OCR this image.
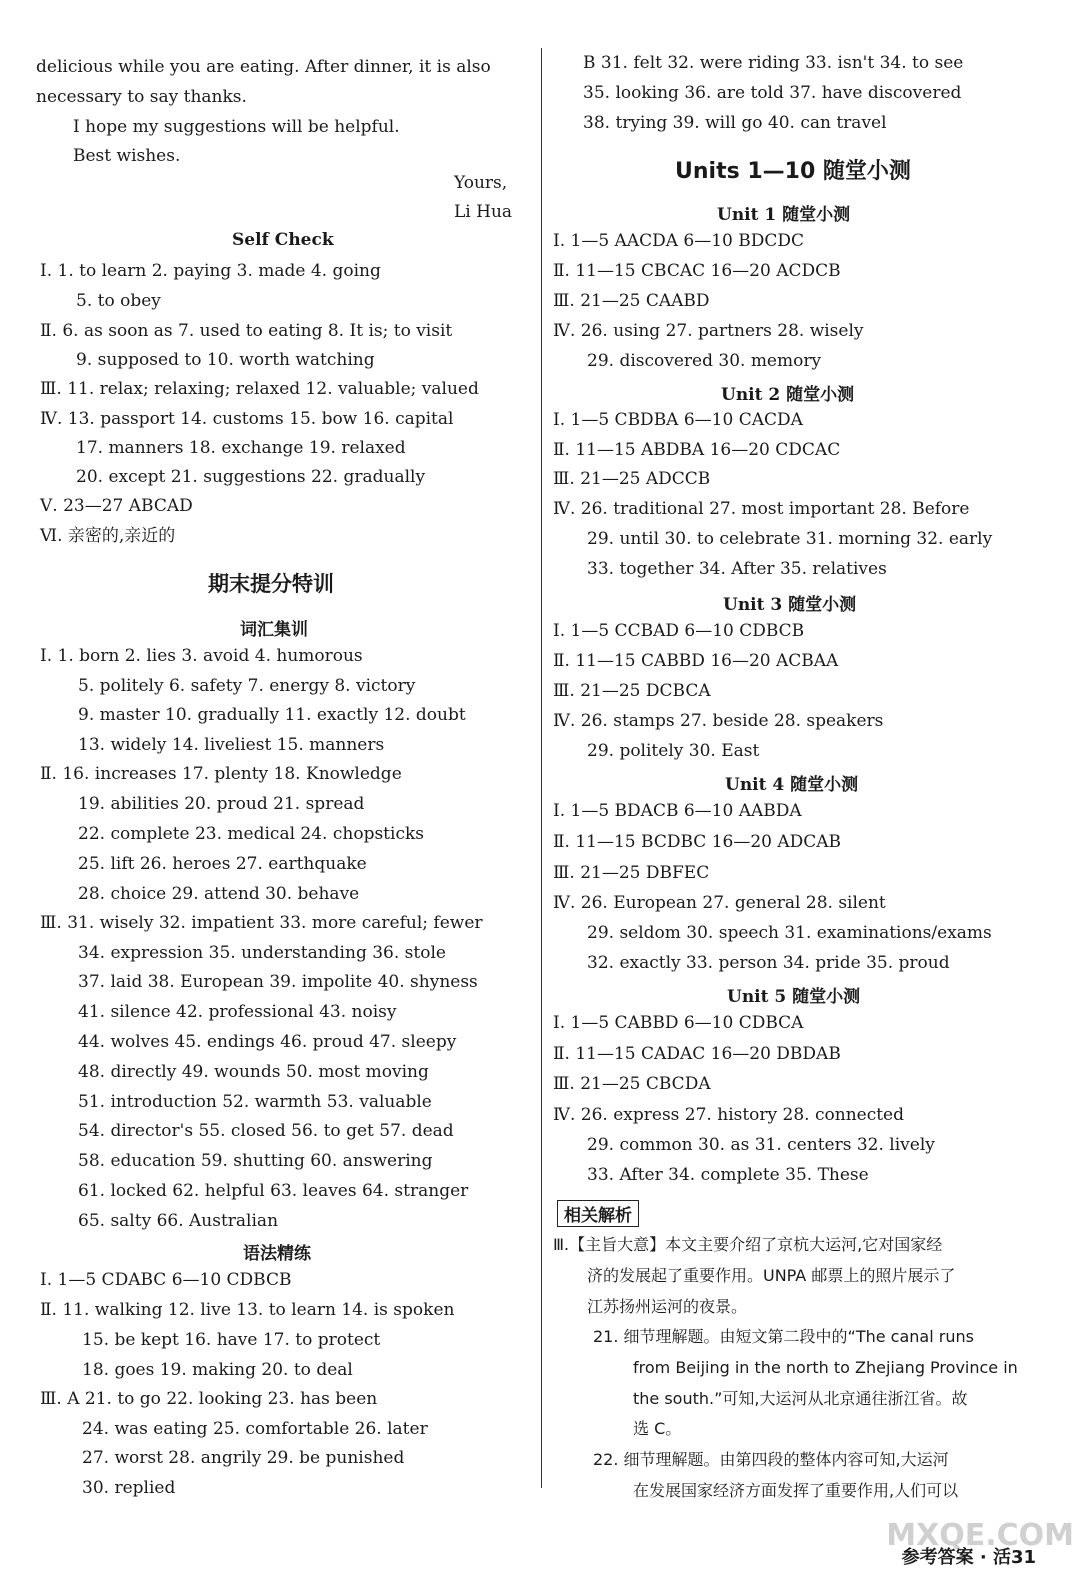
delicious while you are eating. After dinner, it is also
necessary to say thanks.
I hope my suggestions will be helpful.
Best wishes.
Yours,
Li Hua
Self Check
Ⅰ. 1. to learn 2. paying 3. made 4. going
5. to obey
Ⅱ. 6. as soon as 7. used to eating 8. It is; to visit
9. supposed to 10. worth watching
Ⅲ. 11. relax; relaxing; relaxed 12. valuable; valued
Ⅳ. 13. passport 14. customs 15. bow 16. capital
17. manners 18. exchange 19. relaxed
20. except 21. suggestions 22. gradually
Ⅴ. 23—27 ABCAD
Ⅵ. 亲密的,亲近的
期末提分特训
词汇集训
Ⅰ. 1. born 2. lies 3. avoid 4. humorous
5. politely 6. safety 7. energy 8. victory
9. master 10. gradually 11. exactly 12. doubt
13. widely 14. liveliest 15. manners
Ⅱ. 16. increases 17. plenty 18. Knowledge
19. abilities 20. proud 21. spread
22. complete 23. medical 24. chopsticks
25. lift 26. heroes 27. earthquake
28. choice 29. attend 30. behave
Ⅲ. 31. wisely 32. impatient 33. more careful; fewer
34. expression 35. understanding 36. stole
37. laid 38. European 39. impolite 40. shyness
41. silence 42. professional 43. noisy
44. wolves 45. endings 46. proud 47. sleepy
48. directly 49. wounds 50. most moving
51. introduction 52. warmth 53. valuable
54. director's 55. closed 56. to get 57. dead
58. education 59. shutting 60. answering
61. locked 62. helpful 63. leaves 64. stranger
65. salty 66. Australian
语法精练
Ⅰ. 1—5 CDABC 6—10 CDBCB
Ⅱ. 11. walking 12. live 13. to learn 14. is spoken
15. be kept 16. have 17. to protect
18. goes 19. making 20. to deal
Ⅲ. A 21. to go 22. looking 23. has been
24. was eating 25. comfortable 26. later
27. worst 28. angrily 29. be punished
30. replied
B 31. felt 32. were riding 33. isn't 34. to see
35. looking 36. are told 37. have discovered
38. trying 39. will go 40. can travel
Units 1—10 随堂小测
Unit 1 随堂小测
Ⅰ. 1—5 AACDA 6—10 BDCDC
Ⅱ. 11—15 CBCAC 16—20 ACDCB
Ⅲ. 21—25 CAABD
Ⅳ. 26. using 27. partners 28. wisely
29. discovered 30. memory
Unit 2 随堂小测
Ⅰ. 1—5 CBDBA 6—10 CACDA
Ⅱ. 11—15 ABDBA 16—20 CDCAC
Ⅲ. 21—25 ADCCB
Ⅳ. 26. traditional 27. most important 28. Before
29. until 30. to celebrate 31. morning 32. early
33. together 34. After 35. relatives
Unit 3 随堂小测
Ⅰ. 1—5 CCBAD 6—10 CDBCB
Ⅱ. 11—15 CABBD 16—20 ACBAA
Ⅲ. 21—25 DCBCA
Ⅳ. 26. stamps 27. beside 28. speakers
29. politely 30. East
Unit 4 随堂小测
Ⅰ. 1—5 BDACB 6—10 AABDA
Ⅱ. 11—15 BCDBC 16—20 ADCAB
Ⅲ. 21—25 DBFEC
Ⅳ. 26. European 27. general 28. silent
29. seldom 30. speech 31. examinations/exams
32. exactly 33. person 34. pride 35. proud
Unit 5 随堂小测
Ⅰ. 1—5 CABBD 6—10 CDBCA
Ⅱ. 11—15 CADAC 16—20 DBDAB
Ⅲ. 21—25 CBCDA
Ⅳ. 26. express 27. history 28. connected
29. common 30. as 31. centers 32. lively
33. After 34. complete 35. These
相关解析
Ⅲ.【主旨大意】本文主要介绍了京杭大运河,它对国家经
济的发展起了重要作用。UNPA 邮票上的照片展示了
江苏扬州运河的夜景。
21. 细节理解题。由短文第二段中的“The canal runs
from Beijing in the north to Zhejiang Province in
the south.”可知,大运河从北京通往浙江省。故
选 C。
22. 细节理解题。由第四段的整体内容可知,大运河
在发展国家经济方面发挥了重要作用,人们可以
MXQE.COM
参考答案 · 活31
